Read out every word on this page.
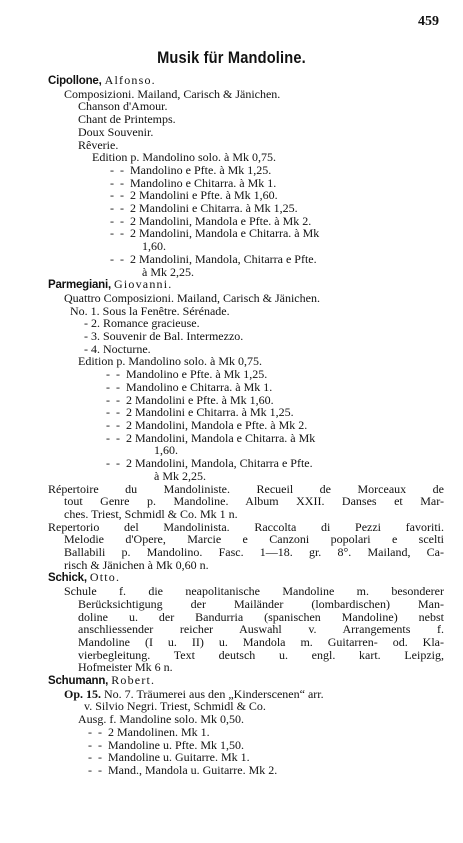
459
Musik für Mandoline.
Cipollone, Alfonso.
Composizioni. Mailand, Carisch & Jänichen.
Chanson d'Amour.
Chant de Printemps.
Doux Souvenir.
Rêverie.
Edition p. Mandolino solo. à Mk 0,75.
-  -  Mandolino e Pfte. à Mk 1,25.
-  -  Mandolino e Chitarra. à Mk 1.
-  -  2 Mandolini e Pfte. à Mk 1,60.
-  -  2 Mandolini e Chitarra. à Mk 1,25.
-  -  2 Mandolini, Mandola e Pfte. à Mk 2.
-  -  2 Mandolini, Mandola e Chitarra. à Mk
1,60.
-  -  2 Mandolini, Mandola, Chitarra e Pfte.
à Mk 2,25.
Parmegiani, Giovanni.
Quattro Composizioni. Mailand, Carisch & Jänichen.
No. 1. Sous la Fenêtre. Sérénade.
- 2. Romance gracieuse.
- 3. Souvenir de Bal. Intermezzo.
- 4. Nocturne.
Edition p. Mandolino solo. à Mk 0,75.
-  -  Mandolino e Pfte. à Mk 1,25.
-  -  Mandolino e Chitarra. à Mk 1.
-  -  2 Mandolini e Pfte. à Mk 1,60.
-  -  2 Mandolini e Chitarra. à Mk 1,25.
-  -  2 Mandolini, Mandola e Pfte. à Mk 2.
-  -  2 Mandolini, Mandola e Chitarra. à Mk
1,60.
-  -  2 Mandolini, Mandola, Chitarra e Pfte.
à Mk 2,25.
Répertoire du Mandoliniste. Recueil de Morceaux de
tout Genre p. Mandoline. Album XXII. Danses et Mar-
ches. Triest, Schmidl & Co. Mk 1 n.
Repertorio del Mandolinista. Raccolta di Pezzi favoriti.
Melodie d'Opere, Marcie e Canzoni popolari e scelti
Ballabili p. Mandolino. Fasc. 1—18. gr. 8°. Mailand, Ca-
risch & Jänichen à Mk 0,60 n.
Schick, Otto.
Schule f. die neapolitanische Mandoline m. besonderer
Berücksichtigung der Mailänder (lombardischen) Man-
doline u. der Bandurria (spanischen Mandoline) nebst
anschliessender reicher Auswahl v. Arrangements f.
Mandoline (I u. II) u. Mandola m. Guitarren- od. Kla-
vierbegleitung. Text deutsch u. engl. kart. Leipzig,
Hofmeister Mk 6 n.
Schumann, Robert.
Op. 15. No. 7. Träumerei aus den „Kinderscenen“ arr.
v. Silvio Negri. Triest, Schmidl & Co.
Ausg. f. Mandoline solo. Mk 0,50.
-  -  2 Mandolinen. Mk 1.
-  -  Mandoline u. Pfte. Mk 1,50.
-  -  Mandoline u. Guitarre. Mk 1.
-  -  Mand., Mandola u. Guitarre. Mk 2.
